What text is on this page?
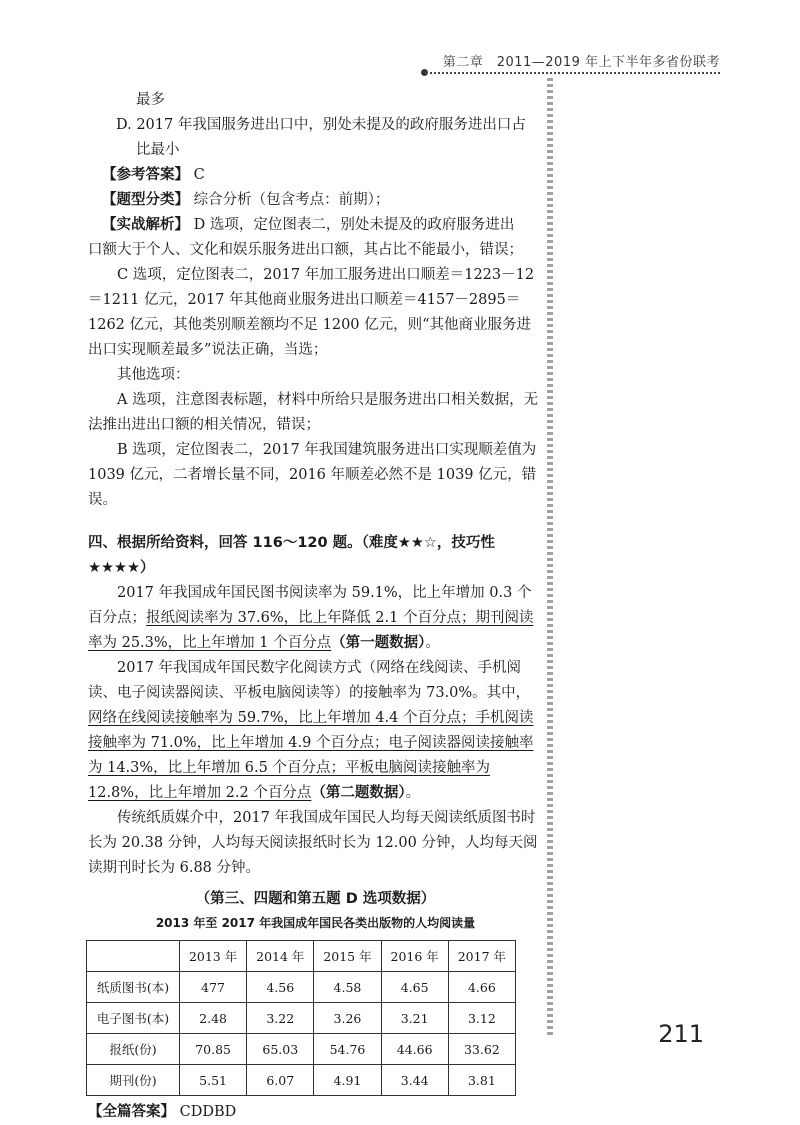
第二章　2011—2019 年上下半年多省份联考

最多

D. 2017 年我国服务进出口中，别处未提及的政府服务进出口占

比最小

【参考答案】 C

【题型分类】 综合分析（包含考点：前期）；

【实战解析】 D 选项，定位图表二，别处未提及的政府服务进出

口额大于个人、文化和娱乐服务进出口额，其占比不能最小，错误；

C 选项，定位图表二，2017 年加工服务进出口顺差＝1223－12＝1211 亿元，2017 年其他商业服务进出口顺差＝4157－2895＝1262 亿元，其他类别顺差额均不足 1200 亿元，则“其他商业服务进出口实现顺差最多”说法正确，当选；

其他选项：

A 选项，注意图表标题，材料中所给只是服务进出口相关数据，无法推出进出口额的相关情况，错误；

B 选项，定位图表二，2017 年我国建筑服务进出口实现顺差值为 1039 亿元，二者增长量不同，2016 年顺差必然不是 1039 亿元，错误。

四、根据所给资料，回答 116～120 题。（难度★★☆，技巧性★★★★）

2017 年我国成年国民图书阅读率为 59.1%，比上年增加 0.3 个百分点；报纸阅读率为 37.6%，比上年降低 2.1 个百分点；期刊阅读率为 25.3%，比上年增加 1 个百分点（第一题数据）。

2017 年我国成年国民数字化阅读方式（网络在线阅读、手机阅读、电子阅读器阅读、平板电脑阅读等）的接触率为 73.0%。其中，网络在线阅读接触率为 59.7%，比上年增加 4.4 个百分点；手机阅读接触率为 71.0%，比上年增加 4.9 个百分点；电子阅读器阅读接触率为 14.3%，比上年增加 6.5 个百分点；平板电脑阅读接触率为 12.8%，比上年增加 2.2 个百分点（第二题数据）。

传统纸质媒介中，2017 年我国成年国民人均每天阅读纸质图书时长为 20.38 分钟，人均每天阅读报纸时长为 12.00 分钟，人均每天阅读期刊时长为 6.88 分钟。

（第三、四题和第五题 D 选项数据）

2013 年至 2017 年我国成年国民各类出版物的人均阅读量

	2013 年	2014 年	2015 年	2016 年	2017 年
纸质图书(本)	477	4.56	4.58	4.65	4.66
电子图书(本)	2.48	3.22	3.26	3.21	3.12
报纸(份)	70.85	65.03	54.76	44.66	33.62
期刊(份)	5.51	6.07	4.91	3.44	3.81

【全篇答案】 CDDBD

211
